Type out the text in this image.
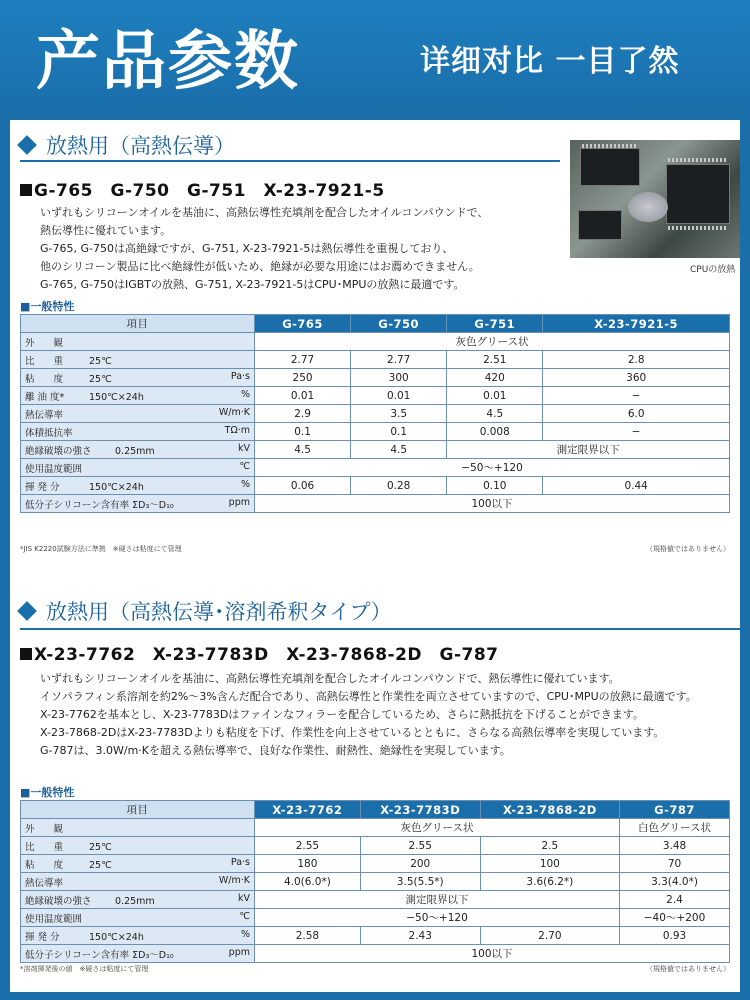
产品参数	详细对比 一目了然
放熱用（高熱伝導）
G-765　G-750　G-751　X-23-7921-5
いずれもシリコーンオイルを基油に、高熱伝導性充填剤を配合したオイルコンパウンドで、
熱伝導性に優れています。
G-765, G-750は高絶縁ですが、G-751, X-23-7921-5は熱伝導性を重視しており、
他のシリコーン製品に比べ絶縁性が低いため、絶縁が必要な用途にはお薦めできません。
G-765, G-750はIGBTの放熱、G-751, X-23-7921-5はCPU･MPUの放熱に最適です。
CPUの放熱
■一般特性
項目	G-765	G-750	G-751	X-23-7921-5
外　　観	灰色グリース状			
比　　重 25℃	2.77	2.77	2.51	2.8
粘　　度 25℃ Pa·s	250	300	420	360
離 油 度* 150℃×24h %	0.01	0.01	0.01	−
熱伝導率 W/m·K	2.9	3.5	4.5	6.0
体積抵抗率 TΩ·m	0.1	0.1	0.008	−
絶縁破壊の強さ 0.25mm kV	4.5	4.5	測定限界以下	
使用温度範囲 ℃	−50〜+120			
揮 発 分 150℃×24h %	0.06	0.28	0.10	0.44
低分子シリコーン含有率 ΣD₃〜D₁₀ ppm	100以下			
*JIS K2220試験方法に準拠　※硬さは粘度にて管理	（規格値ではありません）
放熱用（高熱伝導･溶剤希釈タイプ）
X-23-7762　X-23-7783D　X-23-7868-2D　G-787
いずれもシリコーンオイルを基油に、高熱伝導性充填剤を配合したオイルコンパウンドで、熱伝導性に優れています。
イソパラフィン系溶剤を約2%〜3%含んだ配合であり、高熱伝導性と作業性を両立させていますので、CPU･MPUの放熱に最適です。
X-23-7762を基本とし、X-23-7783Dはファインなフィラーを配合しているため、さらに熱抵抗を下げることができます。
X-23-7868-2DはX-23-7783Dよりも粘度を下げ、作業性を向上させているとともに、さらなる高熱伝導率を実現しています。
G-787は、3.0W/m·Kを超える熱伝導率で、良好な作業性、耐熱性、絶縁性を実現しています。
■一般特性
項目	X-23-7762	X-23-7783D	X-23-7868-2D	G-787
外　　観	灰色グリース状			白色グリース状
比　　重 25℃	2.55	2.55	2.5	3.48
粘　　度 25℃ Pa·s	180	200	100	70
熱伝導率 W/m·K	4.0(6.0*)	3.5(5.5*)	3.6(6.2*)	3.3(4.0*)
絶縁破壊の強さ 0.25mm kV	測定限界以下			2.4
使用温度範囲 ℃	−50〜+120			−40〜+200
揮 発 分 150℃×24h %	2.58	2.43	2.70	0.93
低分子シリコーン含有率 ΣD₃〜D₁₀ ppm	100以下			
*溶剤揮発後の値　※硬さは粘度にて管理	（規格値ではありません）
